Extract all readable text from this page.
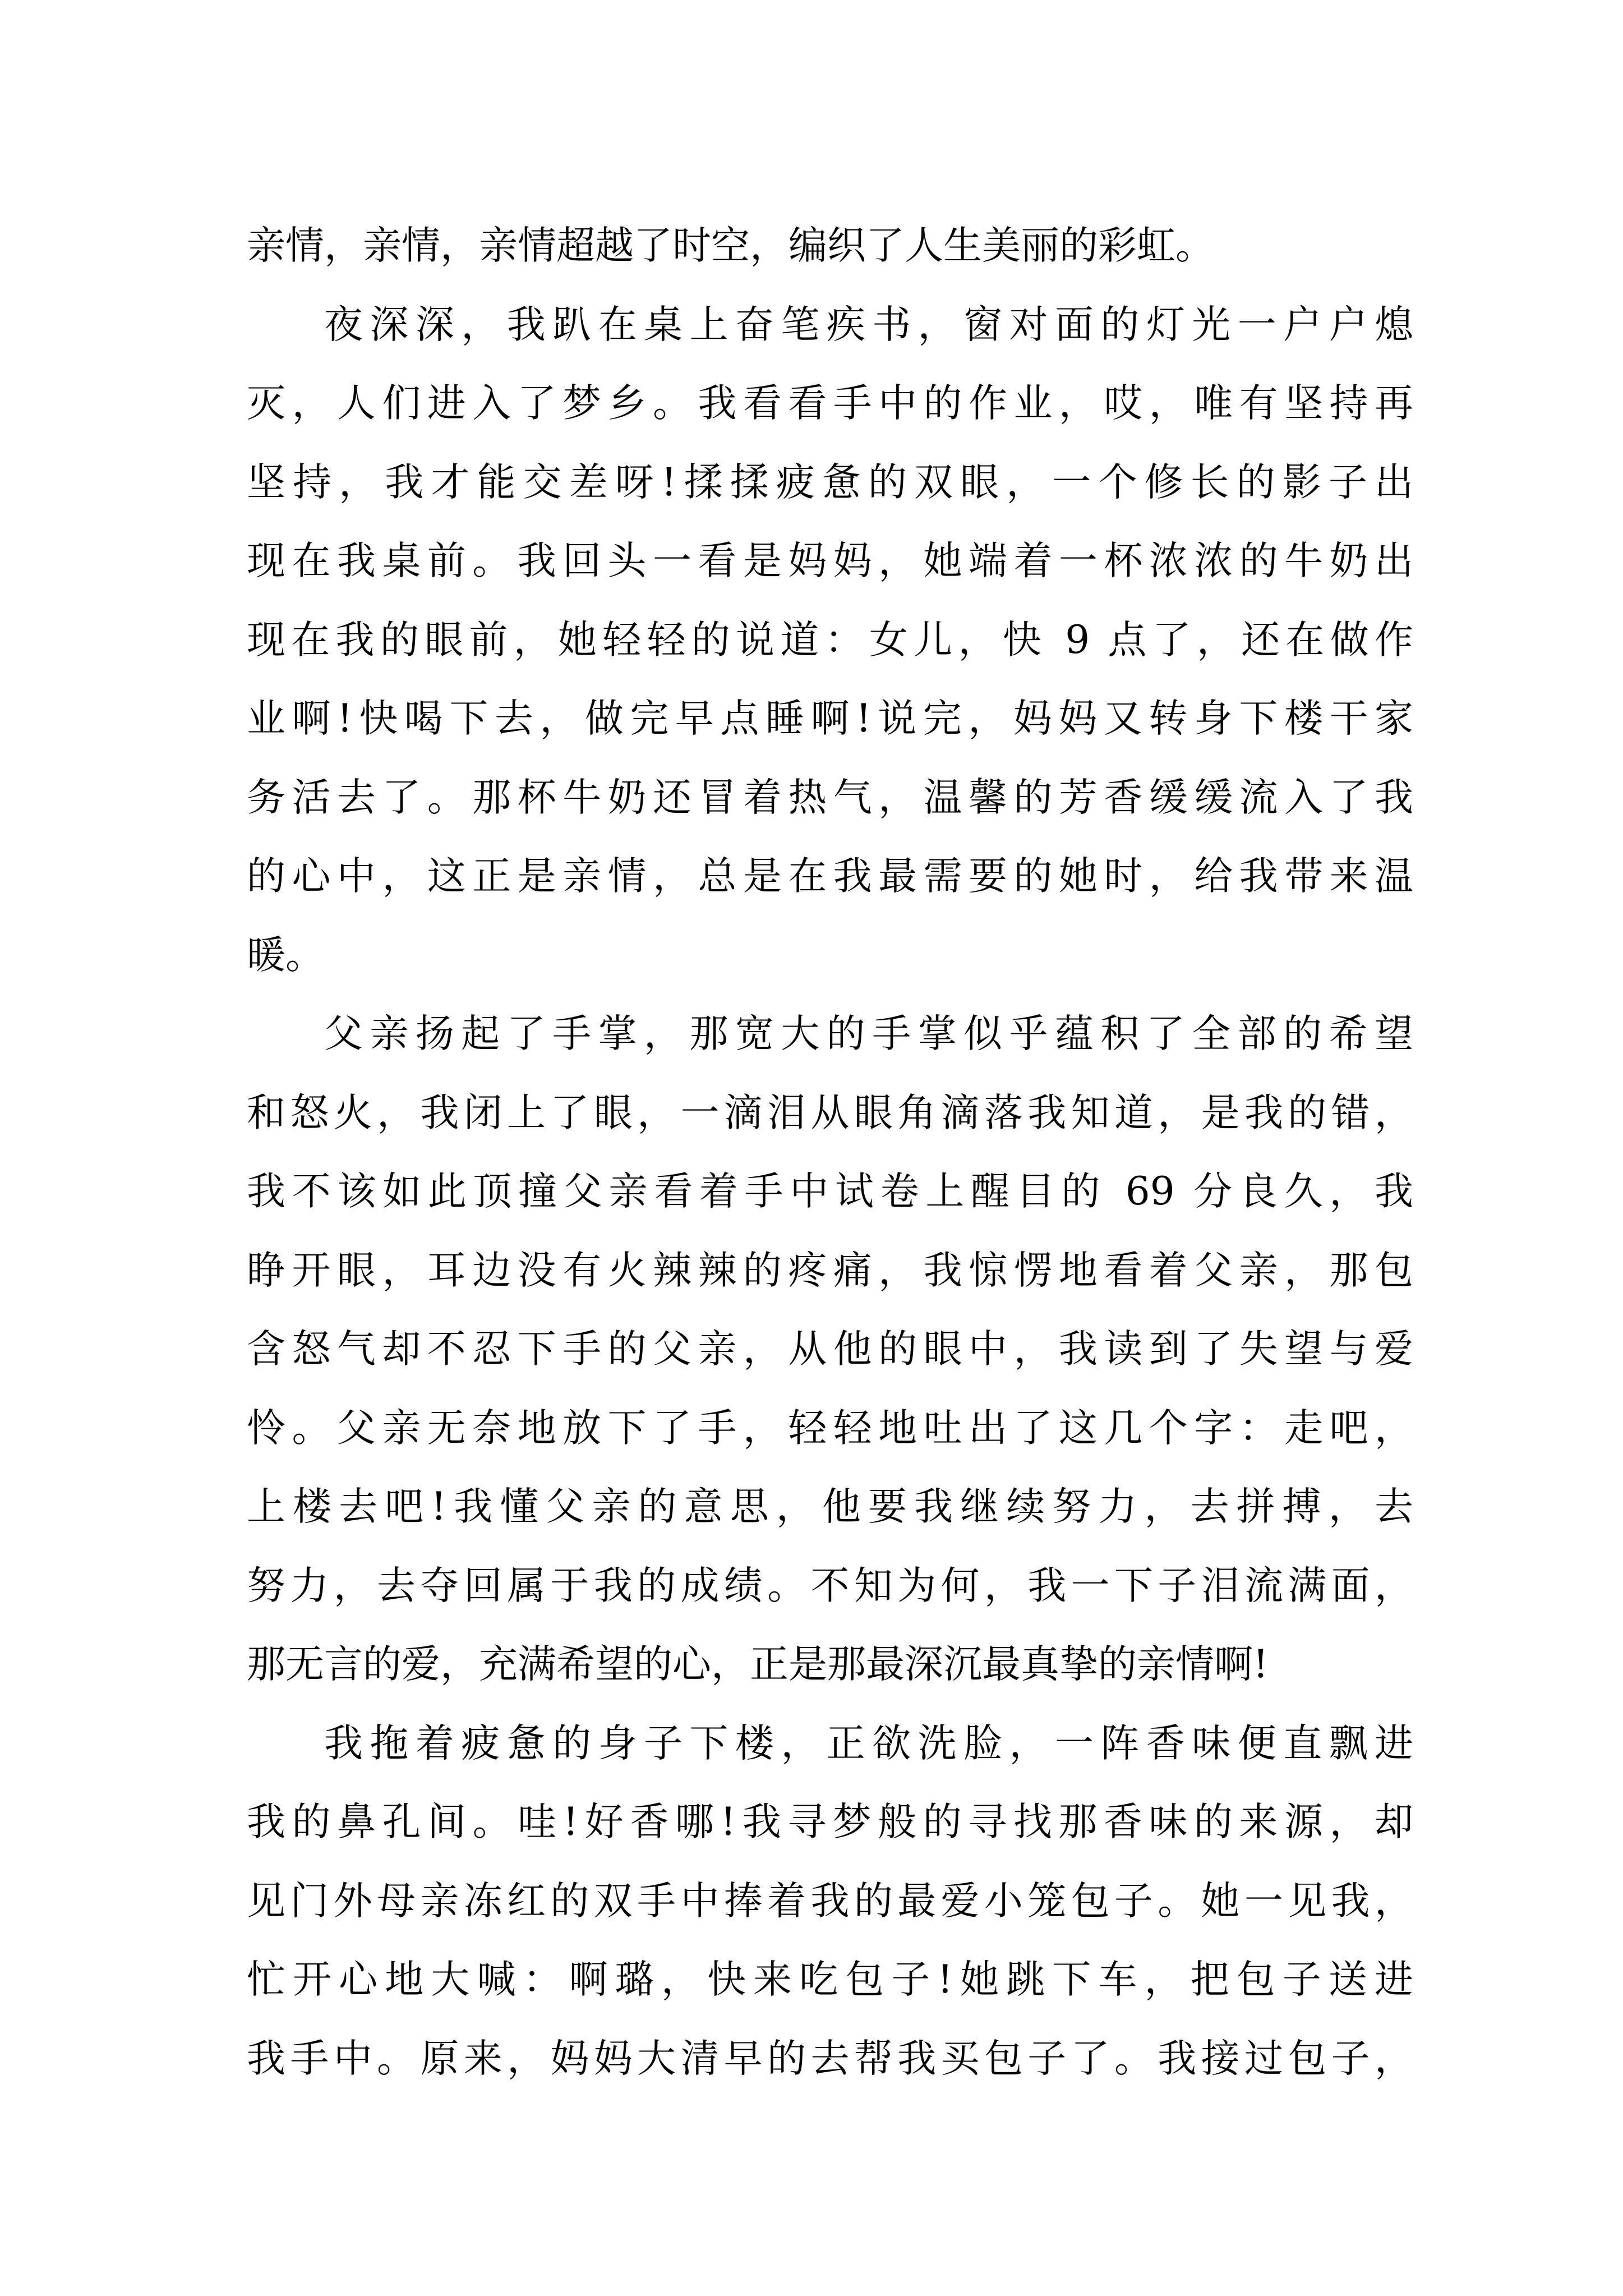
亲情，亲情，亲情超越了时空，编织了人生美丽的彩虹。
夜深深，我趴在桌上奋笔疾书，窗对面的灯光一户户熄
灭，人们进入了梦乡。我看看手中的作业，哎，唯有坚持再
坚持，我才能交差呀!揉揉疲惫的双眼，一个修长的影子出
现在我桌前。我回头一看是妈妈，她端着一杯浓浓的牛奶出
现在我的眼前，她轻轻的说道：女儿，快 9 点了，还在做作
业啊!快喝下去，做完早点睡啊!说完，妈妈又转身下楼干家
务活去了。那杯牛奶还冒着热气，温馨的芳香缓缓流入了我
的心中，这正是亲情，总是在我最需要的她时，给我带来温
暖。
父亲扬起了手掌，那宽大的手掌似乎蕴积了全部的希望
和怒火，我闭上了眼，一滴泪从眼角滴落我知道，是我的错，
我不该如此顶撞父亲看着手中试卷上醒目的 69 分良久，我
睁开眼，耳边没有火辣辣的疼痛，我惊愣地看着父亲，那包
含怒气却不忍下手的父亲，从他的眼中，我读到了失望与爱
怜。父亲无奈地放下了手，轻轻地吐出了这几个字：走吧，
上楼去吧!我懂父亲的意思，他要我继续努力，去拼搏，去
努力，去夺回属于我的成绩。不知为何，我一下子泪流满面，
那无言的爱，充满希望的心，正是那最深沉最真挚的亲情啊!
我拖着疲惫的身子下楼，正欲洗脸，一阵香味便直飘进
我的鼻孔间。哇!好香哪!我寻梦般的寻找那香味的来源，却
见门外母亲冻红的双手中捧着我的最爱小笼包子。她一见我，
忙开心地大喊：啊璐，快来吃包子!她跳下车，把包子送进
我手中。原来，妈妈大清早的去帮我买包子了。我接过包子，
